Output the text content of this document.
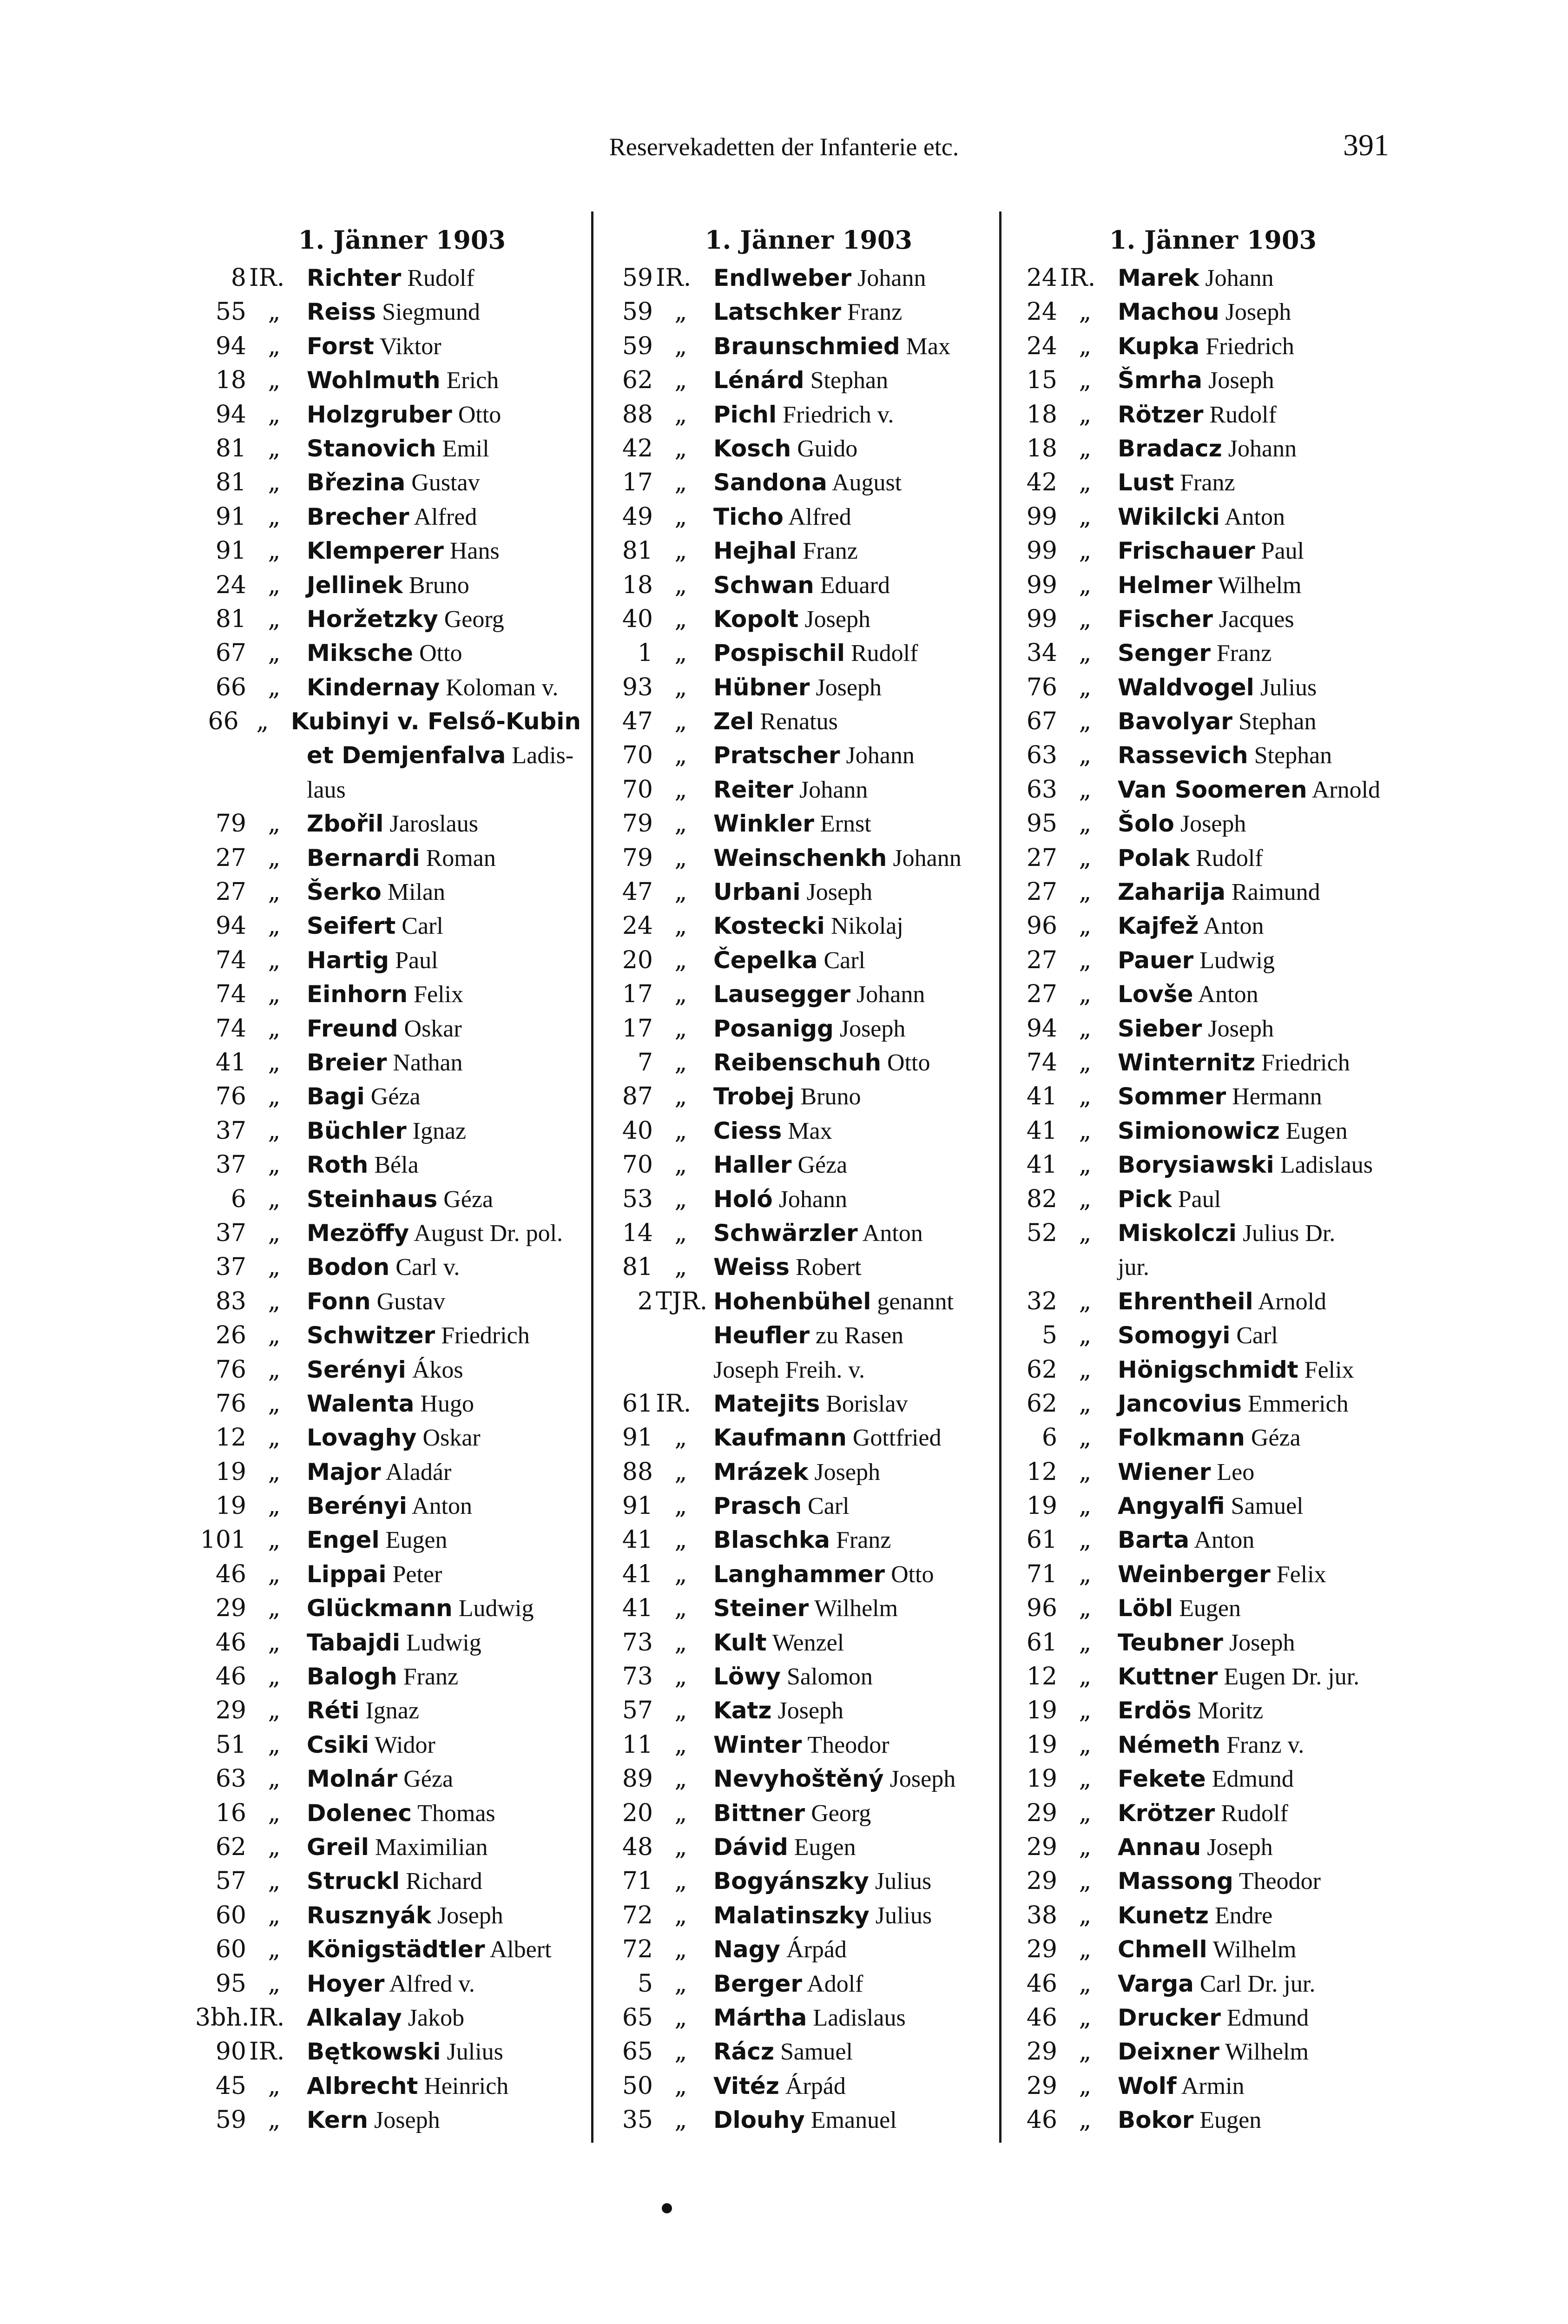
Reservekadetten der Infanterie etc.	391
1. Jänner 1903
8 IR. Richter Rudolf
55 „	Reiss Siegmund
94 „	Forst Viktor
18 „	Wohlmuth Erich
94 „	Holzgruber Otto
81 „	Stanovich Emil
81 „	Březina Gustav
91 „	Brecher Alfred
91 „	Klemperer Hans
24 „	Jellinek Bruno
81 „	Horžetzky Georg
67 „	Miksche Otto
66 „	Kindernay Koloman v.
66 „ Kubinyi v. Felső-Kubin
et Demjenfalva Ladis-
laus
79 „	Zbořil Jaroslaus
27 „	Bernardi Roman
27 „	Šerko Milan
94 „	Seifert Carl
74 „	Hartig Paul
74 „	Einhorn Felix
74 „	Freund Oskar
41 „	Breier Nathan
76 „	Bagi Géza
37 „	Büchler Ignaz
37 „	Roth Béla
6 „	Steinhaus Géza
37 „	Mezöffy August Dr. pol.
37 „	Bodon Carl v.
83 „	Fonn Gustav
26 „	Schwitzer Friedrich
76 „	Serényi Ákos
76 „	Walenta Hugo
12 „	Lovaghy Oskar
19 „	Major Aladár
19 „	Berényi Anton
101 „	Engel Eugen
46 „	Lippai Peter
29 „	Glückmann Ludwig
46 „	Tabajdi Ludwig
46 „	Balogh Franz
29 „	Réti Ignaz
51 „	Csiki Widor
63 „	Molnár Géza
16 „	Dolenec Thomas
62 „	Greil Maximilian
57 „	Struckl Richard
60 „	Rusznyák Joseph
60 „	Königstädtler Albert
95 „	Hoyer Alfred v.
3bh. IR. Alkalay Jakob
90 IR. Bętkowski Julius
45 „	Albrecht Heinrich
59 „	Kern Joseph
1. Jänner 1903
59 IR. Endlweber Johann
59 „	Latschker Franz
59 „	Braunschmied Max
62 „	Lénárd Stephan
88 „	Pichl Friedrich v.
42 „	Kosch Guido
17 „	Sandona August
49 „	Ticho Alfred
81 „	Hejhal Franz
18 „	Schwan Eduard
40 „	Kopolt Joseph
1 „	Pospischil Rudolf
93 „	Hübner Joseph
47 „	Zel Renatus
70 „	Pratscher Johann
70 „	Reiter Johann
79 „	Winkler Ernst
79 „	Weinschenkh Johann
47 „	Urbani Joseph
24 „	Kostecki Nikolaj
20 „	Čepelka Carl
17 „	Lausegger Johann
17 „	Posanigg Joseph
7 „	Reibenschuh Otto
87 „	Trobej Bruno
40 „	Ciess Max
70 „	Haller Géza
53 „	Holó Johann
14 „	Schwärzler Anton
81 „	Weiss Robert
2 TJR. Hohenbühel genannt
Heufler zu Rasen
Joseph Freih. v.
61 IR. Matejits Borislav
91 „	Kaufmann Gottfried
88 „	Mrázek Joseph
91 „	Prasch Carl
41 „	Blaschka Franz
41 „	Langhammer Otto
41 „	Steiner Wilhelm
73 „	Kult Wenzel
73 „	Löwy Salomon
57 „	Katz Joseph
11 „	Winter Theodor
89 „	Nevyhoštěný Joseph
20 „	Bittner Georg
48 „	Dávid Eugen
71 „	Bogyánszky Julius
72 „	Malatinszky Julius
72 „	Nagy Árpád
5 „	Berger Adolf
65 „	Mártha Ladislaus
65 „	Rácz Samuel
50 „	Vitéz Árpád
35 „	Dlouhy Emanuel
1. Jänner 1903
24 IR. Marek Johann
24 „	Machou Joseph
24 „	Kupka Friedrich
15 „	Šmrha Joseph
18 „	Rötzer Rudolf
18 „	Bradacz Johann
42 „	Lust Franz
99 „	Wikilcki Anton
99 „	Frischauer Paul
99 „	Helmer Wilhelm
99 „	Fischer Jacques
34 „	Senger Franz
76 „	Waldvogel Julius
67 „	Bavolyar Stephan
63 „	Rassevich Stephan
63 „	Van Soomeren Arnold
95 „	Šolo Joseph
27 „	Polak Rudolf
27 „	Zaharija Raimund
96 „	Kajfež Anton
27 „	Pauer Ludwig
27 „	Lovše Anton
94 „	Sieber Joseph
74 „	Winternitz Friedrich
41 „	Sommer Hermann
41 „	Simionowicz Eugen
41 „	Borysiawski Ladislaus
82 „	Pick Paul
52 „	Miskolczi Julius Dr.
jur.
32 „	Ehrentheil Arnold
5 „	Somogyi Carl
62 „	Hönigschmidt Felix
62 „	Jancovius Emmerich
6 „	Folkmann Géza
12 „	Wiener Leo
19 „	Angyalfi Samuel
61 „	Barta Anton
71 „	Weinberger Felix
96 „	Löbl Eugen
61 „	Teubner Joseph
12 „	Kuttner Eugen Dr. jur.
19 „	Erdös Moritz
19 „	Németh Franz v.
19 „	Fekete Edmund
29 „	Krötzer Rudolf
29 „	Annau Joseph
29 „	Massong Theodor
38 „	Kunetz Endre
29 „	Chmell Wilhelm
46 „	Varga Carl Dr. jur.
46 „	Drucker Edmund
29 „	Deixner Wilhelm
29 „	Wolf Armin
46 „	Bokor Eugen
